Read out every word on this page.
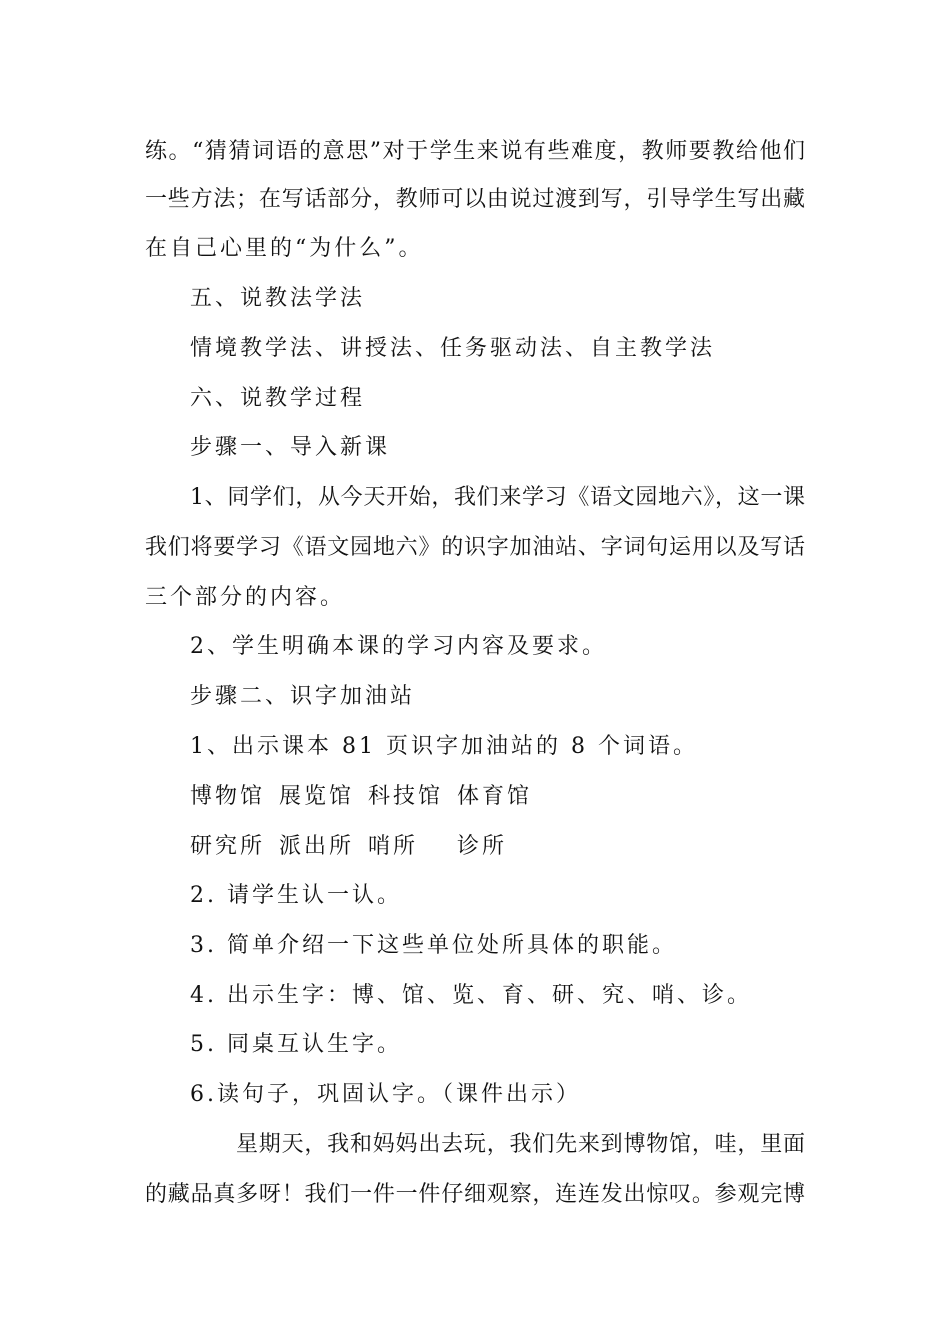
练。“猜猜词语的意思”对于学生来说有些难度，教师要教给他们
一些方法；在写话部分，教师可以由说过渡到写，引导学生写出藏
在自己心里的“为什么”。
五、说教法学法
情境教学法、讲授法、任务驱动法、自主教学法
六、说教学过程
步骤一、导入新课
1、同学们，从今天开始，我们来学习《语文园地六》，这一课
我们将要学习《语文园地六》的识字加油站、字词句运用以及写话
三个部分的内容。
2、学生明确本课的学习内容及要求。
步骤二、识字加油站
1、出示课本 81 页识字加油站的 8 个词语。
博物馆 展览馆 科技馆 体育馆
研究所 派出所 哨所	诊所
2. 请学生认一认。
3. 简单介绍一下这些单位处所具体的职能。
4. 出示生字：博、馆、览、育、研、究、哨、诊。
5. 同桌互认生字。
6.读句子，巩固认字。（课件出示）
星期天，我和妈妈出去玩，我们先来到博物馆，哇，里面
的藏品真多呀！我们一件一件仔细观察，连连发出惊叹。参观完博
